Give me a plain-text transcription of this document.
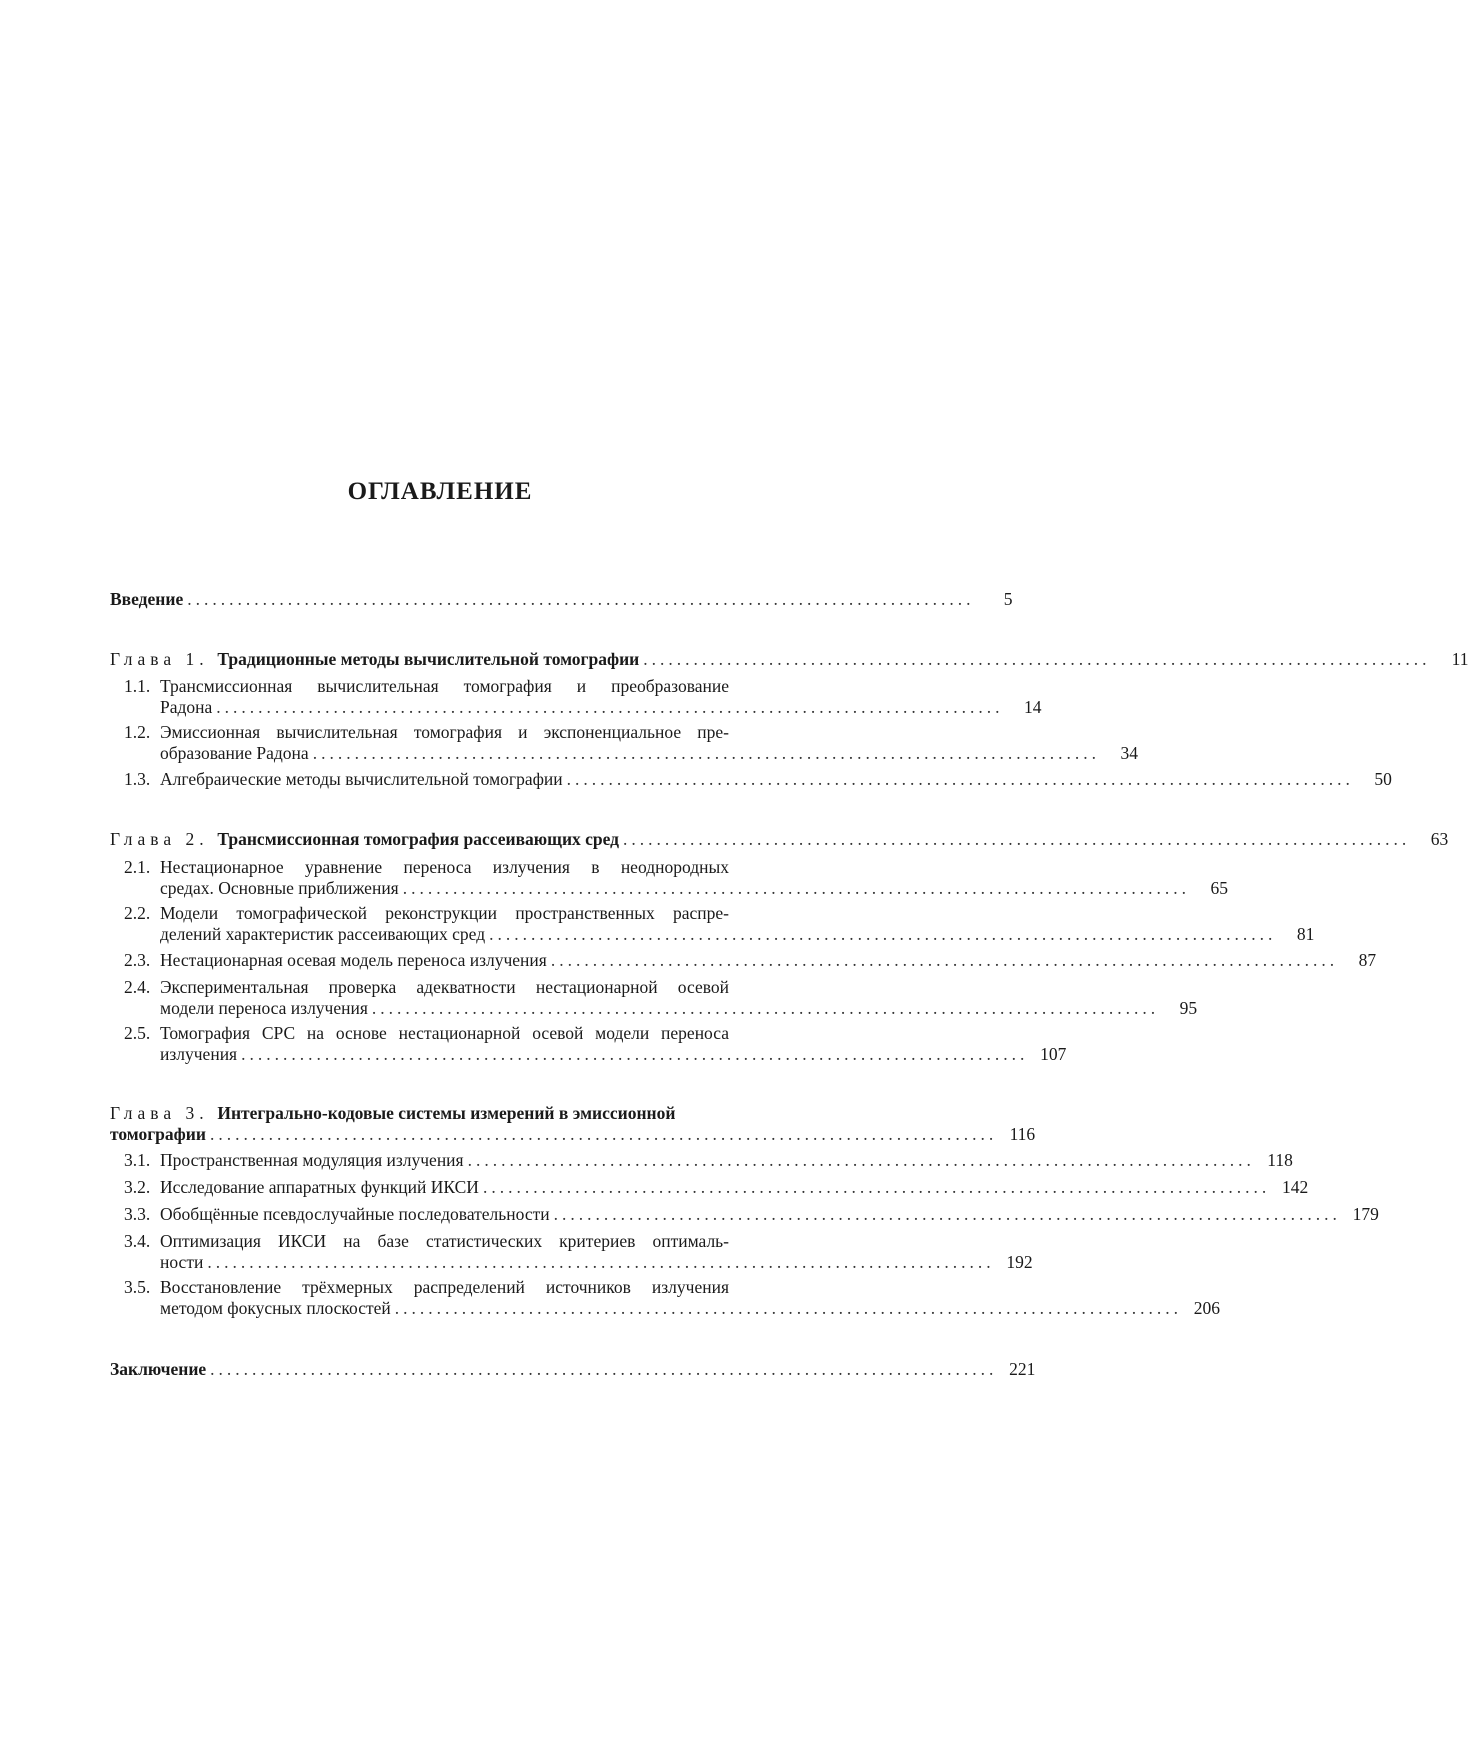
ОГЛАВЛЕНИЕ
Введение ..............................................................................................	5
Глава 1. Традиционные методы вычислительной томографии ..............................................................................................	11
1.1. Трансмиссионная вычислительная томография и преобразование
Радона ..............................................................................................	14
1.2. Эмиссионная вычислительная томография и экспоненциальное пре-
образование Радона ..............................................................................................	34
1.3. Алгебраические методы вычислительной томографии ..............................................................................................	50
Глава 2. Трансмиссионная томография рассеивающих сред ..............................................................................................	63
2.1. Нестационарное уравнение переноса излучения в неоднородных
средах. Основные приближения ..............................................................................................	65
2.2. Модели томографической реконструкции пространственных распре-
делений характеристик рассеивающих сред ..............................................................................................	81
2.3. Нестационарная осевая модель переноса излучения ..............................................................................................	87
2.4. Экспериментальная проверка адекватности нестационарной осевой
модели переноса излучения ..............................................................................................	95
2.5. Томография СРС на основе нестационарной осевой модели переноса
излучения .............................................................................................. 107
Глава 3. Интегрально-кодовые системы измерений в эмиссионной
томографии .............................................................................................. 116
3.1. Пространственная модуляция излучения .............................................................................................. 118
3.2. Исследование аппаратных функций ИКСИ .............................................................................................. 142
3.3. Обобщённые псевдослучайные последовательности .............................................................................................. 179
3.4. Оптимизация ИКСИ на базе статистических критериев оптималь-
ности .............................................................................................. 192
3.5. Восстановление трёхмерных распределений источников излучения
методом фокусных плоскостей .............................................................................................. 206
Заключение .............................................................................................. 221
